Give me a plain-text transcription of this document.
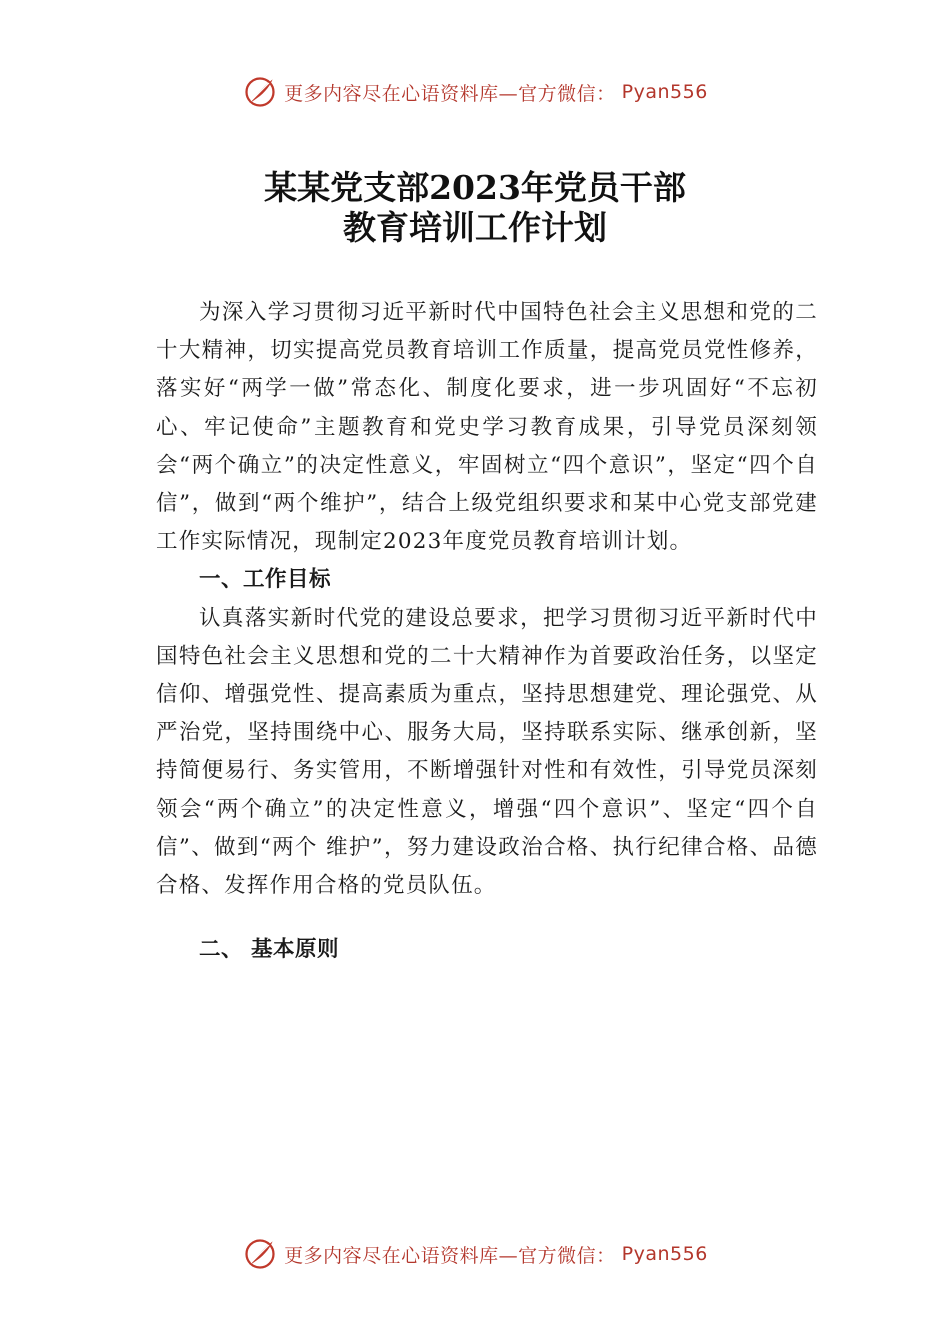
更多内容尽在心语资料库—官方微信： Pyan556
某某党支部2023年党员干部
教育培训工作计划

为深入学习贯彻习近平新时代中国特色社会主义思想和党的二十大精神，切实提高党员教育培训工作质量，提高党员党性修养，落实好“两学一做”常态化、制度化要求，进一步巩固好“不忘初心、牢记使命”主题教育和党史学习教育成果，引导党员深刻领会“两个确立”的决定性意义，牢固树立“四个意识”，坚定“四个自信”，做到“两个维护”，结合上级党组织要求和某中心党支部党建工作实际情况，现制定2023年度党员教育培训计划。

一、工作目标

认真落实新时代党的建设总要求，把学习贯彻习近平新时代中国特色社会主义思想和党的二十大精神作为首要政治任务，以坚定信仰、增强党性、提高素质为重点，坚持思想建党、理论强党、从严治党，坚持围绕中心、服务大局，坚持联系实际、继承创新，坚持简便易行、务实管用，不断增强针对性和有效性，引导党员深刻领会“两个确立”的决定性意义，增强“四个意识”、坚定“四个自信”、做到“两个 维护”，努力建设政治合格、执行纪律合格、品德合格、发挥作用合格的党员队伍。

二、 基本原则
更多内容尽在心语资料库—官方微信： Pyan556
